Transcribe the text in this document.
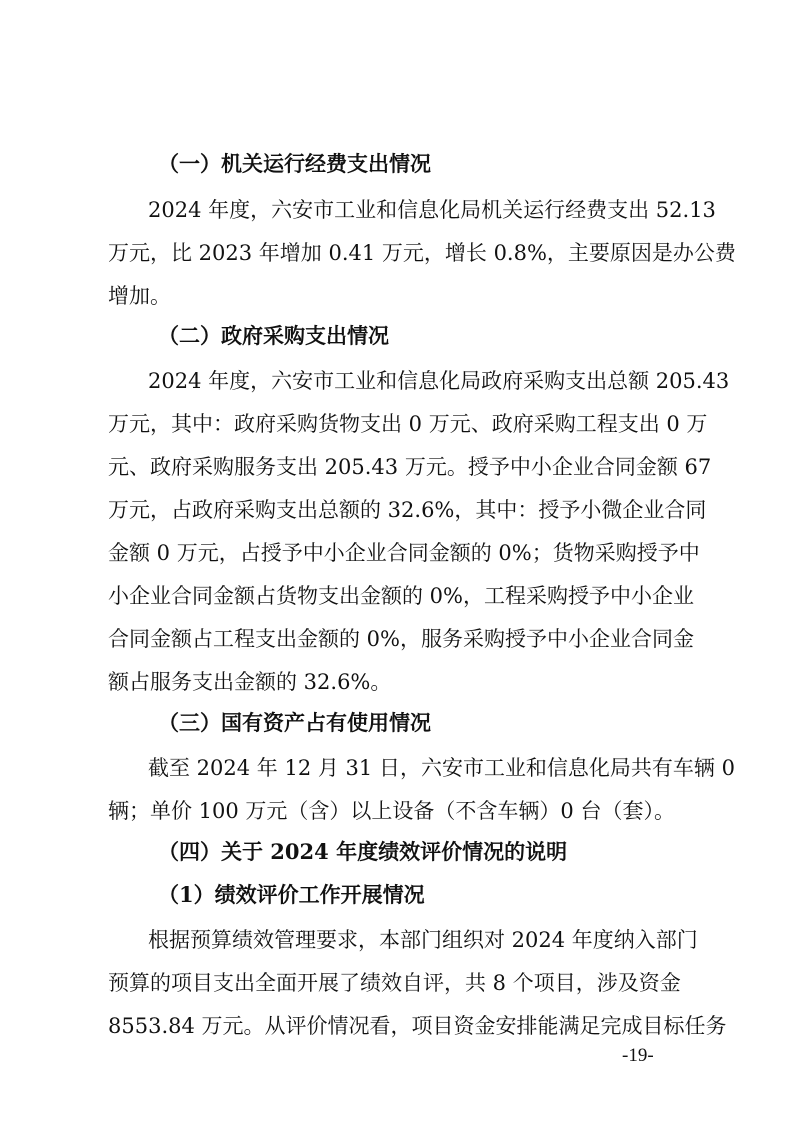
（一）机关运行经费支出情况
2024 年度，六安市工业和信息化局机关运行经费支出 52.13
万元，比 2023 年增加 0.41 万元，增长 0.8%，主要原因是办公费
增加。
（二）政府采购支出情况
2024 年度，六安市工业和信息化局政府采购支出总额 205.43
万元，其中：政府采购货物支出 0 万元、政府采购工程支出 0 万
元、政府采购服务支出 205.43 万元。授予中小企业合同金额 67
万元，占政府采购支出总额的 32.6%，其中：授予小微企业合同
金额 0 万元，占授予中小企业合同金额的 0%；货物采购授予中
小企业合同金额占货物支出金额的 0%，工程采购授予中小企业
合同金额占工程支出金额的 0%，服务采购授予中小企业合同金
额占服务支出金额的 32.6%。
（三）国有资产占有使用情况
截至 2024 年 12 月 31 日，六安市工业和信息化局共有车辆 0
辆；单价 100 万元（含）以上设备（不含车辆）0 台（套）。
（四）关于 2024 年度绩效评价情况的说明
（1）绩效评价工作开展情况
根据预算绩效管理要求，本部门组织对 2024 年度纳入部门
预算的项目支出全面开展了绩效自评，共 8 个项目，涉及资金
8553.84 万元。从评价情况看，项目资金安排能满足完成目标任务
-19-
